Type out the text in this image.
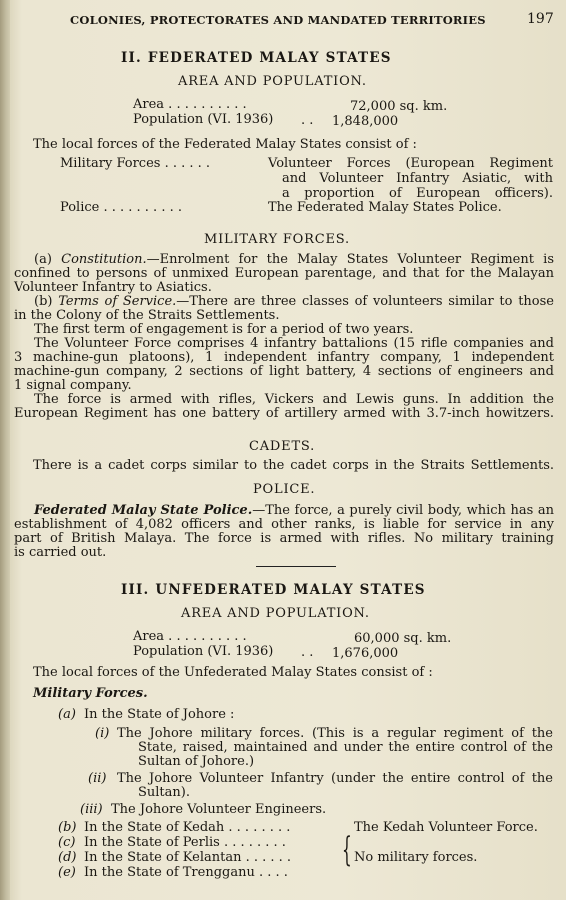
COLONIES, PROTECTORATES AND MANDATED TERRITORIES	197
II. FEDERATED MALAY STATES
AREA AND POPULATION.
Area . . . . . . . . . .	72,000 sq. km.
Population (VI. 1936) . . 1,848,000
The local forces of the Federated Malay States consist of :
Military Forces . . . . . .	Volunteer Forces (European Regiment
and Volunteer Infantry Asiatic, with
a proportion of European officers).
Police . . . . . . . . . .	The Federated Malay States Police.
MILITARY FORCES.
(a) Constitution.—Enrolment for the Malay States Volunteer Regiment is
confined to persons of unmixed European parentage, and that for the Malayan
Volunteer Infantry to Asiatics.
(b) Terms of Service.—There are three classes of volunteers similar to those
in the Colony of the Straits Settlements.
The first term of engagement is for a period of two years.
The Volunteer Force comprises 4 infantry battalions (15 rifle companies and
3 machine-gun platoons), 1 independent infantry company, 1 independent
machine-gun company, 2 sections of light battery, 4 sections of engineers and
1 signal company.
The force is armed with rifles, Vickers and Lewis guns. In addition the
European Regiment has one battery of artillery armed with 3.7-inch howitzers.
CADETS.
There is a cadet corps similar to the cadet corps in the Straits Settlements.
POLICE.
Federated Malay State Police.—The force, a purely civil body, which has an
establishment of 4,082 officers and other ranks, is liable for service in any
part of British Malaya. The force is armed with rifles. No military training
is carried out.
III. UNFEDERATED MALAY STATES
AREA AND POPULATION.
Area . . . . . . . . . .	60,000 sq. km.
Population (VI. 1936) . . 1,676,000
The local forces of the Unfederated Malay States consist of :
Military Forces.
(a) In the State of Johore :
(i) The Johore military forces. (This is a regular regiment of the
State, raised, maintained and under the entire control of the
Sultan of Johore.)
(ii) The Johore Volunteer Infantry (under the entire control of the
Sultan).
(iii) The Johore Volunteer Engineers.
(b) In the State of Kedah . . . . . . . .	The Kedah Volunteer Force.
(c) In the State of Perlis . . . . . . . .
(d) In the State of Kelantan . . . . . .
(e) In the State of Trengganu . . . .
{ No military forces.
